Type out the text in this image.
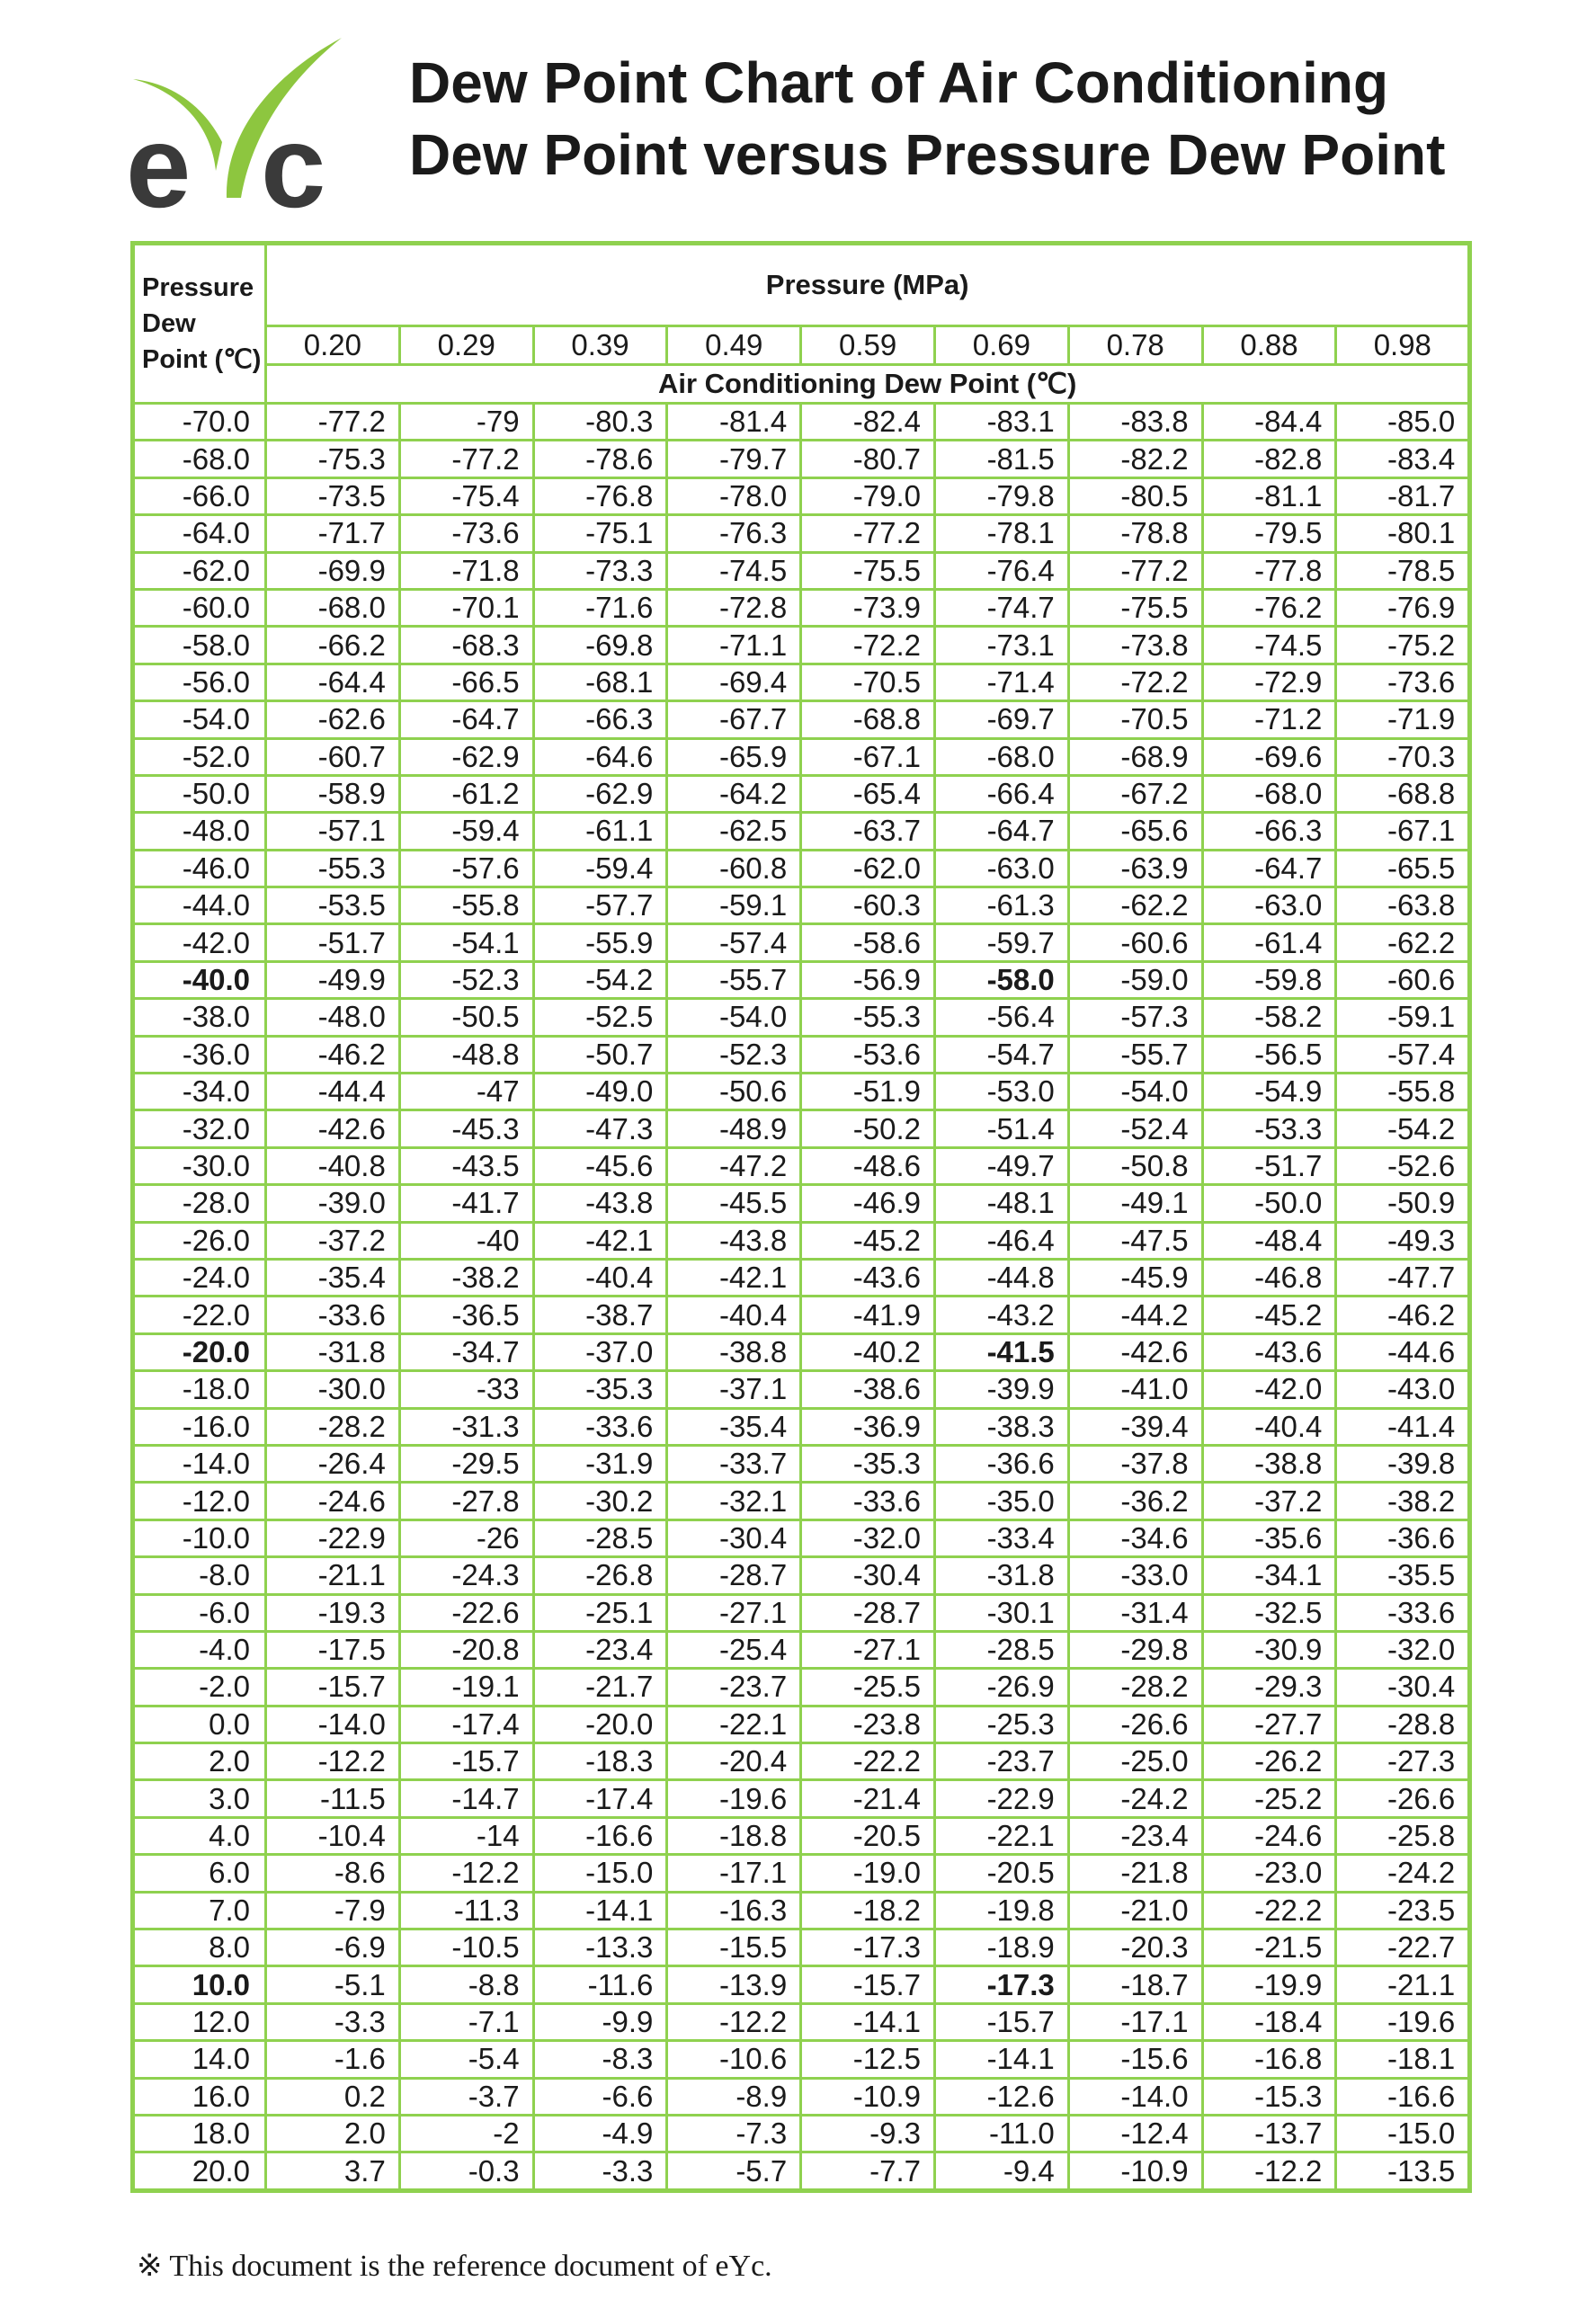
e c
Dew Point Chart of Air Conditioning
Dew Point versus Pressure Dew Point
Pressure
Dew
Point (℃)	Pressure (MPa)								
	0.20	0.29	0.39	0.49	0.59	0.69	0.78	0.88	0.98
	Air Conditioning Dew Point (℃)								
-70.0	-77.2	-79	-80.3	-81.4	-82.4	-83.1	-83.8	-84.4	-85.0
-68.0	-75.3	-77.2	-78.6	-79.7	-80.7	-81.5	-82.2	-82.8	-83.4
-66.0	-73.5	-75.4	-76.8	-78.0	-79.0	-79.8	-80.5	-81.1	-81.7
-64.0	-71.7	-73.6	-75.1	-76.3	-77.2	-78.1	-78.8	-79.5	-80.1
-62.0	-69.9	-71.8	-73.3	-74.5	-75.5	-76.4	-77.2	-77.8	-78.5
-60.0	-68.0	-70.1	-71.6	-72.8	-73.9	-74.7	-75.5	-76.2	-76.9
-58.0	-66.2	-68.3	-69.8	-71.1	-72.2	-73.1	-73.8	-74.5	-75.2
-56.0	-64.4	-66.5	-68.1	-69.4	-70.5	-71.4	-72.2	-72.9	-73.6
-54.0	-62.6	-64.7	-66.3	-67.7	-68.8	-69.7	-70.5	-71.2	-71.9
-52.0	-60.7	-62.9	-64.6	-65.9	-67.1	-68.0	-68.9	-69.6	-70.3
-50.0	-58.9	-61.2	-62.9	-64.2	-65.4	-66.4	-67.2	-68.0	-68.8
-48.0	-57.1	-59.4	-61.1	-62.5	-63.7	-64.7	-65.6	-66.3	-67.1
-46.0	-55.3	-57.6	-59.4	-60.8	-62.0	-63.0	-63.9	-64.7	-65.5
-44.0	-53.5	-55.8	-57.7	-59.1	-60.3	-61.3	-62.2	-63.0	-63.8
-42.0	-51.7	-54.1	-55.9	-57.4	-58.6	-59.7	-60.6	-61.4	-62.2
-40.0	-49.9	-52.3	-54.2	-55.7	-56.9	-58.0	-59.0	-59.8	-60.6
-38.0	-48.0	-50.5	-52.5	-54.0	-55.3	-56.4	-57.3	-58.2	-59.1
-36.0	-46.2	-48.8	-50.7	-52.3	-53.6	-54.7	-55.7	-56.5	-57.4
-34.0	-44.4	-47	-49.0	-50.6	-51.9	-53.0	-54.0	-54.9	-55.8
-32.0	-42.6	-45.3	-47.3	-48.9	-50.2	-51.4	-52.4	-53.3	-54.2
-30.0	-40.8	-43.5	-45.6	-47.2	-48.6	-49.7	-50.8	-51.7	-52.6
-28.0	-39.0	-41.7	-43.8	-45.5	-46.9	-48.1	-49.1	-50.0	-50.9
-26.0	-37.2	-40	-42.1	-43.8	-45.2	-46.4	-47.5	-48.4	-49.3
-24.0	-35.4	-38.2	-40.4	-42.1	-43.6	-44.8	-45.9	-46.8	-47.7
-22.0	-33.6	-36.5	-38.7	-40.4	-41.9	-43.2	-44.2	-45.2	-46.2
-20.0	-31.8	-34.7	-37.0	-38.8	-40.2	-41.5	-42.6	-43.6	-44.6
-18.0	-30.0	-33	-35.3	-37.1	-38.6	-39.9	-41.0	-42.0	-43.0
-16.0	-28.2	-31.3	-33.6	-35.4	-36.9	-38.3	-39.4	-40.4	-41.4
-14.0	-26.4	-29.5	-31.9	-33.7	-35.3	-36.6	-37.8	-38.8	-39.8
-12.0	-24.6	-27.8	-30.2	-32.1	-33.6	-35.0	-36.2	-37.2	-38.2
-10.0	-22.9	-26	-28.5	-30.4	-32.0	-33.4	-34.6	-35.6	-36.6
-8.0	-21.1	-24.3	-26.8	-28.7	-30.4	-31.8	-33.0	-34.1	-35.5
-6.0	-19.3	-22.6	-25.1	-27.1	-28.7	-30.1	-31.4	-32.5	-33.6
-4.0	-17.5	-20.8	-23.4	-25.4	-27.1	-28.5	-29.8	-30.9	-32.0
-2.0	-15.7	-19.1	-21.7	-23.7	-25.5	-26.9	-28.2	-29.3	-30.4
0.0	-14.0	-17.4	-20.0	-22.1	-23.8	-25.3	-26.6	-27.7	-28.8
2.0	-12.2	-15.7	-18.3	-20.4	-22.2	-23.7	-25.0	-26.2	-27.3
3.0	-11.5	-14.7	-17.4	-19.6	-21.4	-22.9	-24.2	-25.2	-26.6
4.0	-10.4	-14	-16.6	-18.8	-20.5	-22.1	-23.4	-24.6	-25.8
6.0	-8.6	-12.2	-15.0	-17.1	-19.0	-20.5	-21.8	-23.0	-24.2
7.0	-7.9	-11.3	-14.1	-16.3	-18.2	-19.8	-21.0	-22.2	-23.5
8.0	-6.9	-10.5	-13.3	-15.5	-17.3	-18.9	-20.3	-21.5	-22.7
10.0	-5.1	-8.8	-11.6	-13.9	-15.7	-17.3	-18.7	-19.9	-21.1
12.0	-3.3	-7.1	-9.9	-12.2	-14.1	-15.7	-17.1	-18.4	-19.6
14.0	-1.6	-5.4	-8.3	-10.6	-12.5	-14.1	-15.6	-16.8	-18.1
16.0	0.2	-3.7	-6.6	-8.9	-10.9	-12.6	-14.0	-15.3	-16.6
18.0	2.0	-2	-4.9	-7.3	-9.3	-11.0	-12.4	-13.7	-15.0
20.0	3.7	-0.3	-3.3	-5.7	-7.7	-9.4	-10.9	-12.2	-13.5

※ This document is the reference document of eYc.
